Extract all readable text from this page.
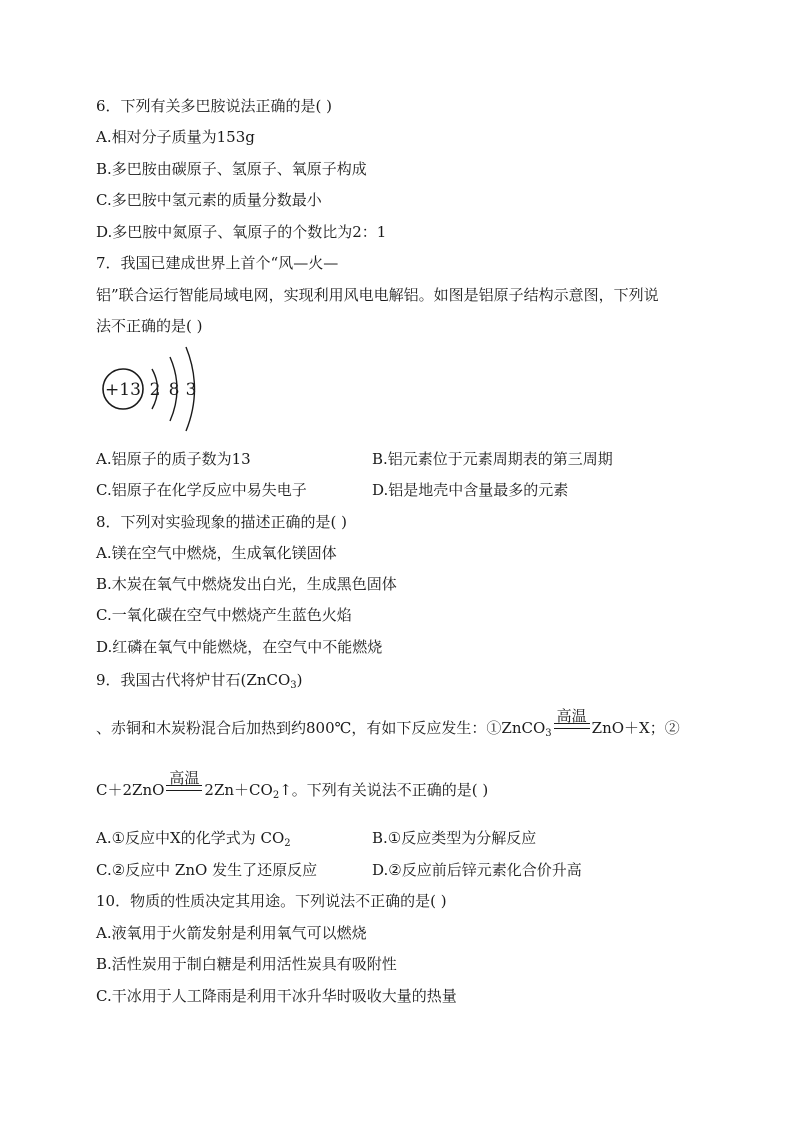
6．下列有关多巴胺说法正确的是( )
A.相对分子质量为153g
B.多巴胺由碳原子、氢原子、氧原子构成
C.多巴胺中氢元素的质量分数最小
D.多巴胺中氮原子、氧原子的个数比为2：1
7．我国已建成世界上首个“风—火—
铝”联合运行智能局域电网，实现利用风电电解铝。如图是铝原子结构示意图，下列说
法不正确的是( )
+13 2 8 3
A.铝原子的质子数为13	B.铝元素位于元素周期表的第三周期
C.铝原子在化学反应中易失电子	D.铝是地壳中含量最多的元素
8．下列对实验现象的描述正确的是( )
A.镁在空气中燃烧，生成氧化镁固体
B.木炭在氧气中燃烧发出白光，生成黑色固体
C.一氧化碳在空气中燃烧产生蓝色火焰
D.红磷在氧气中能燃烧，在空气中不能燃烧
9．我国古代将炉甘石(ZnCO$_3$)
、赤铜和木炭粉混合后加热到约800℃，有如下反应发生：①ZnCO$_3$
高温
ZnO＋X；②
C＋2ZnO
高温
$2Zn+CO_2↑$。下列有关说法不正确的是( )
A.①反应中X的化学式为 $CO_2$	B.①反应类型为分解反应
C.②反应中 ZnO 发生了还原反应	D.②反应前后锌元素化合价升高
10．物质的性质决定其用途。下列说法不正确的是( )
A.液氧用于火箭发射是利用氧气可以燃烧
B.活性炭用于制白糖是利用活性炭具有吸附性
C.干冰用于人工降雨是利用干冰升华时吸收大量的热量
